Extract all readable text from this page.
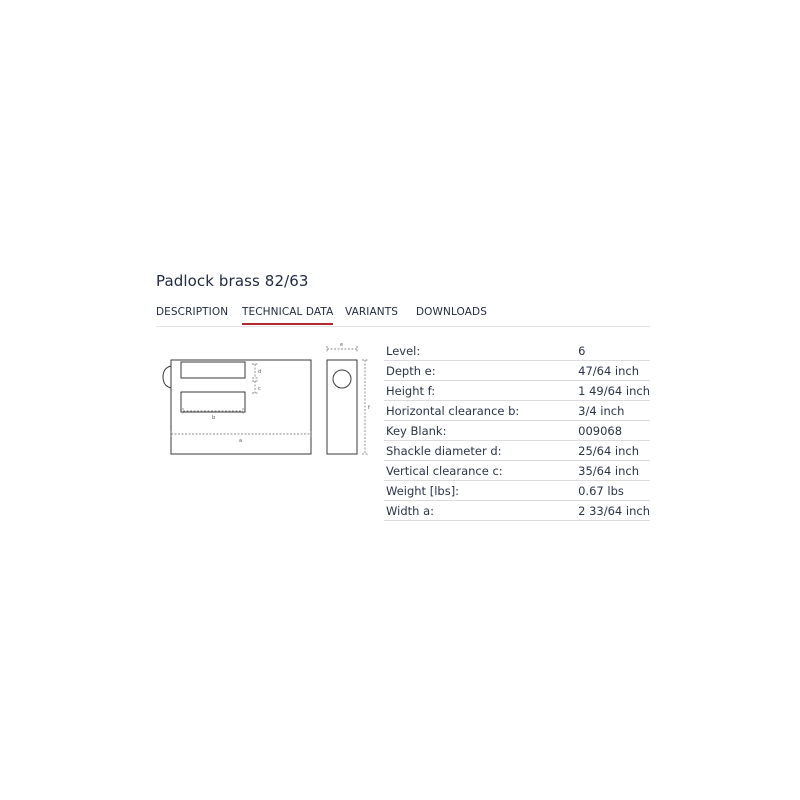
Padlock brass 82/63
DESCRIPTION TECHNICAL DATA VARIANTS DOWNLOADS
d
c
b
a
e
f
Level:	6
Depth e:	47/64 inch
Height f:	1 49/64 inch
Horizontal clearance b:	3/4 inch
Key Blank:	009068
Shackle diameter d:	25/64 inch
Vertical clearance c:	35/64 inch
Weight [lbs]:	0.67 lbs
Width a:	2 33/64 inch
